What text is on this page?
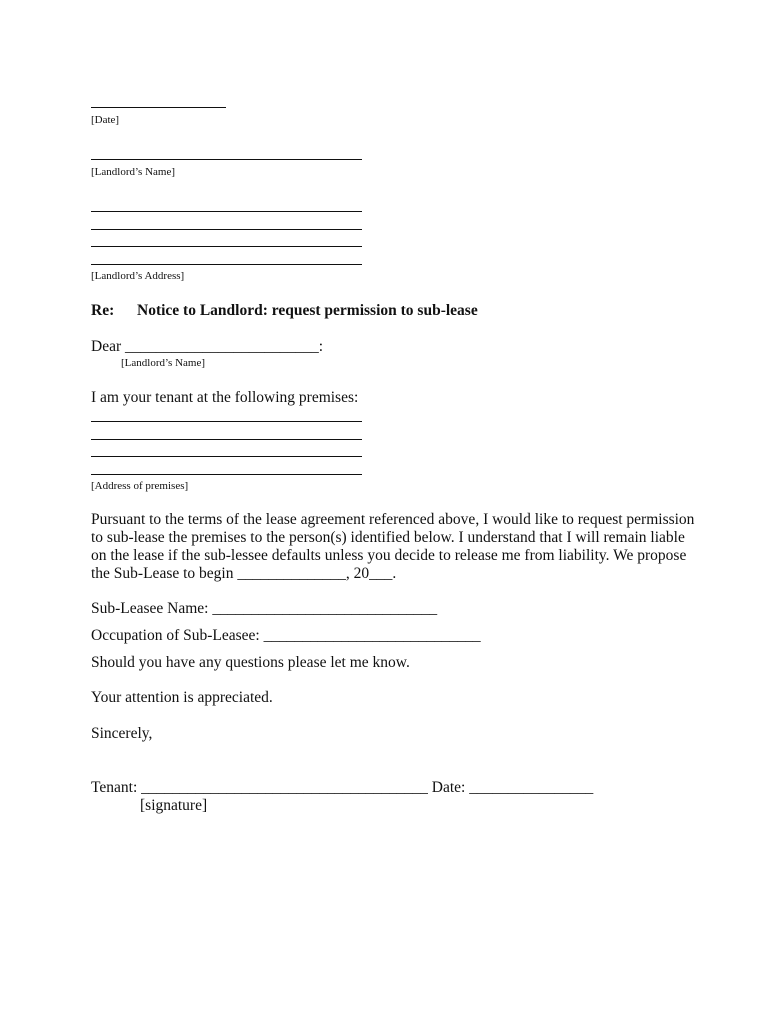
[Date]
[Landlord’s Name]
[Landlord’s Address]
Re: Notice to Landlord: request permission to sub-lease
Dear _________________________:
[Landlord’s Name]
I am your tenant at the following premises:
[Address of premises]
Pursuant to the terms of the lease agreement referenced above, I would like to request permission
to sub-lease the premises to the person(s) identified below. I understand that I will remain liable
on the lease if the sub-lessee defaults unless you decide to release me from liability. We propose
the Sub-Lease to begin ______________, 20___.
Sub-Leasee Name: _____________________________
Occupation of Sub-Leasee: ____________________________
Should you have any questions please let me know.
Your attention is appreciated.
Sincerely,
Tenant: _____________________________________ Date: ________________
[signature]
